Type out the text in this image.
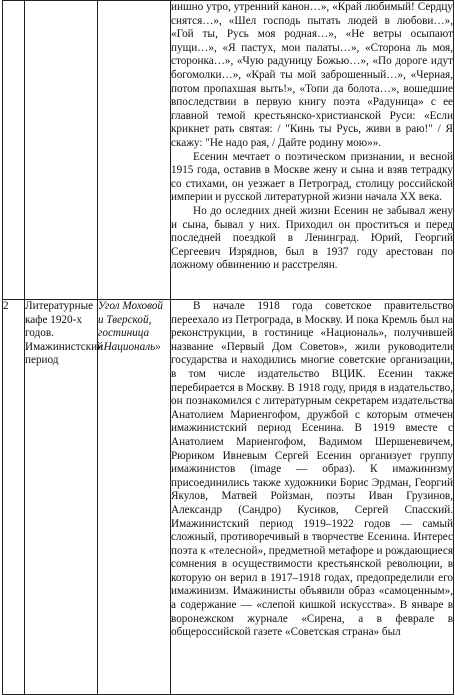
			иишно утро, утренний канон…», «Край любимый! Сердцу снятся…», «Шел господь пытать людей в любови…», «Гой ты, Русь моя родная…», «Не ветры осыпают пущи…», «Я пастух, мои палаты…», «Сторона ль моя, сторонка…», «Чую радуницу Божью…», «По дороге идут богомолки…», «Край ты мой заброшенный…», «Черная, потом пропахшая выть!», «Топи да болота…», вошедшие впоследствии в первую книгу поэта «Радуница» с ее главной темой крестьянско-христианской Руси: «Если крикнет рать святая: / "Кинь ты Русь, живи в раю!" / Я скажу: "Не надо рая, / Дайте родину мою»».

Есенин мечтает о поэтическом признании, и весной 1915 года, оставив в Москве жену и сына и взяв тетрадку со стихами, он уезжает в Петроград, столицу российской империи и русской литературной жизни начала XX века.

Но до оследних дней жизни Есенин не забывал жену и сына, бывал у них. Приходил он проститься и перед последней поездкой в Ленинград. Юрий, Георгий Сергеевич Изряднов, был в 1937 году арестован по ложному обвинению и расстрелян.

2	Литературные кафе 1920-х годов. Имажинистский период	Угол Моховой и Тверской, гостиница «Националь»	В начале 1918 года советское правительство переехало из Петрограда, в Москву. И пока Кремль был на реконструкции, в гостинице «Националь», получившей название «Первый Дом Советов», жили руководители государства и находились многие советские организации, в том числе издательство ВЦИК. Есенин также перебирается в Москву. В 1918 году, придя в издательство, он познакомился с литературным секретарем издательства Анатолием Мариенгофом, дружбой с которым отмечен имажинистский период Есенина. В 1919 вместе с Анатолием Мариенгофом, Вадимом Шершеневичем, Рюриком Ивневым Сергей Есенин организует группу имажинистов (image — образ). К имажинизму присоединились также художники Борис Эрдман, Георгий Якулов, Матвей Ройзман, поэты Иван Грузинов, Александр (Сандро) Кусиков, Сергей Спасский. Имажинистский период 1919–1922 годов — самый сложный, противоречивый в творчестве Есенина. Интерес поэта к «телесной», предметной метафоре и рождающиеся сомнения в осуществимости крестьянской революции, в которую он верил в 1917–1918 годах, предопределили его имажинизм. Имажинисты объявили образ «самоценным», а содержание — «слепой кишкой искусства». В январе в воронежском журнале «Сирена, а в феврале в общероссийской газете «Советская страна» был
